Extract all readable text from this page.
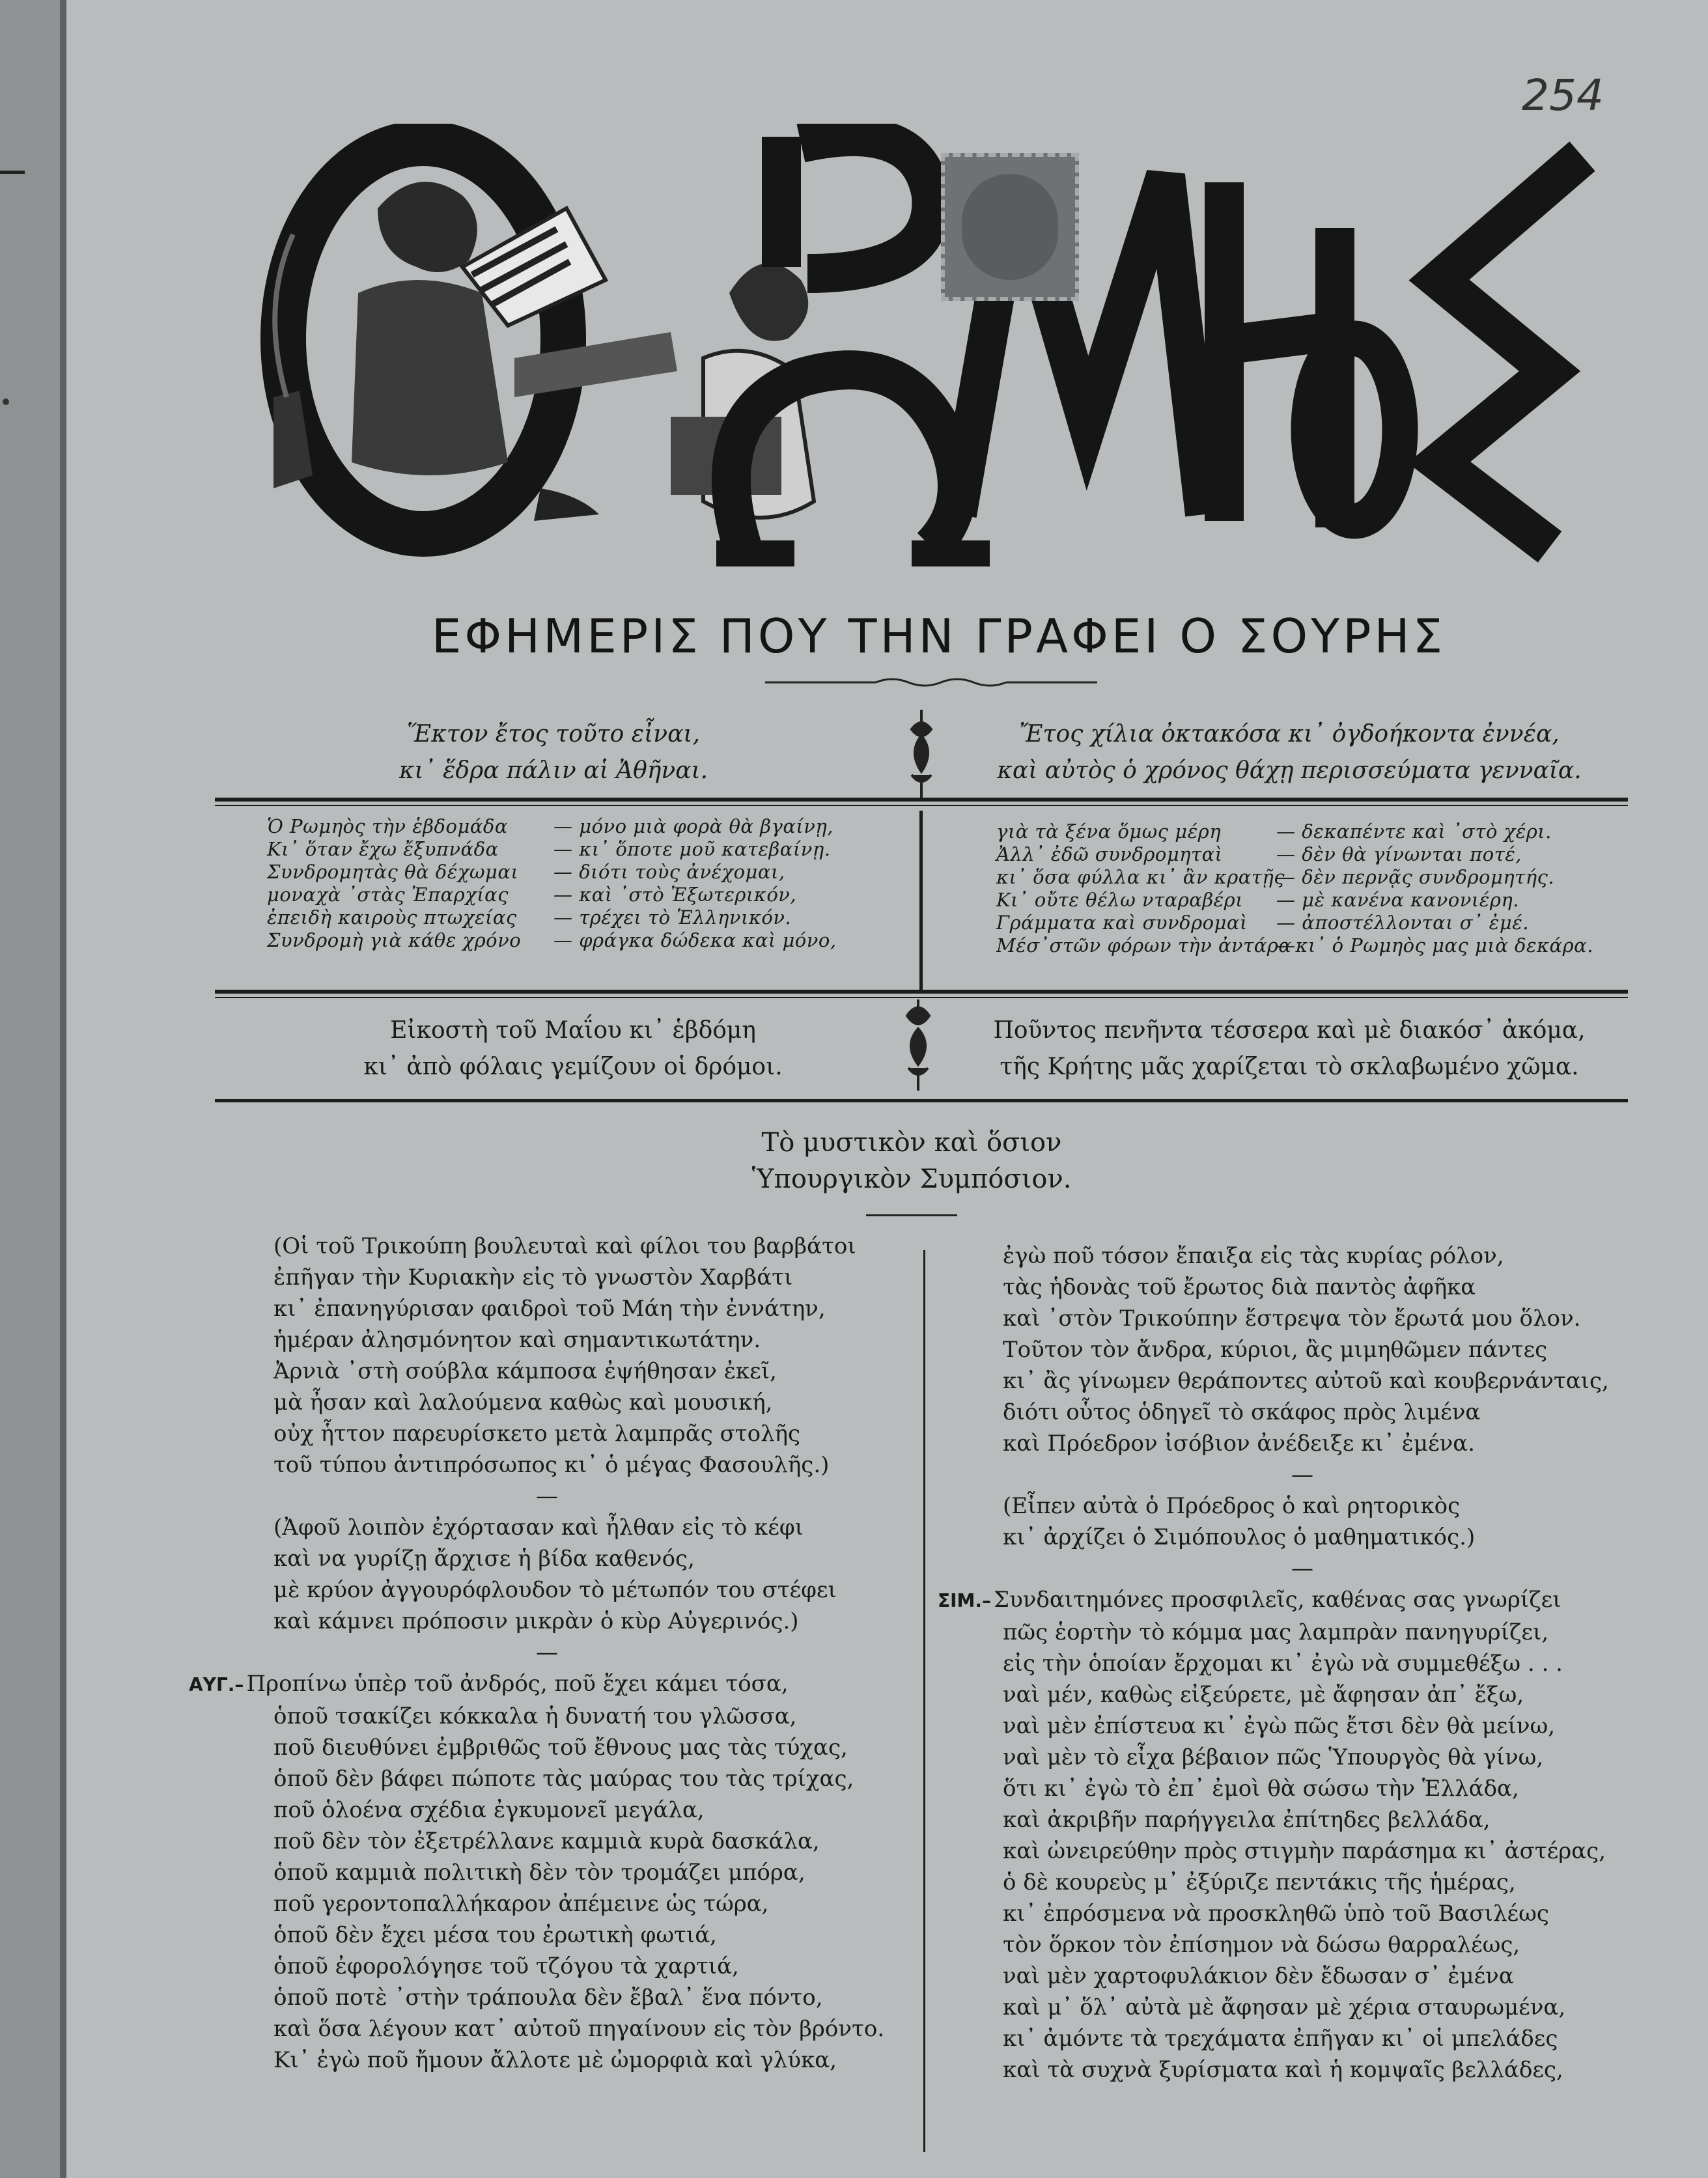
254
ΕΦΗΜΕΡΙΣ ΠΟΥ ΤΗΝ ΓΡΑΦΕΙ Ο ΣΟΥΡΗΣ
Ἕκτον ἔτος τοῦτο εἶναι,
κι᾽ ἕδρα πάλιν αἱ Ἀθῆναι.
Ἔτος χίλια ὀκτακόσα κι᾽ ὀγδοήκοντα ἐννέα,
καὶ αὐτὸς ὁ χρόνος θάχῃ περισσεύματα γενναῖα.
Ὁ Ρωμηὸς τὴν ἑβδομάδα — μόνο μιὰ φορὰ θὰ βγαίνῃ,
Κι᾽ ὅταν ἔχω ἔξυπνάδα	— κι᾽ ὅποτε μοῦ κατεβαίνῃ.
Συνδρομητὰς θὰ δέχωμαι — διότι τοὺς ἀνέχομαι,
μοναχὰ ᾽στὰς Ἐπαρχίας — καὶ ᾽στὸ Ἐξωτερικόν,
ἐπειδὴ καιροὺς πτωχείας — τρέχει τὸ Ἑλληνικόν.
Συνδρομὴ γιὰ κάθε χρόνο — φράγκα δώδεκα καὶ μόνο,
γιὰ τὰ ξένα ὅμως μέρη	— δεκαπέντε καὶ ᾽στὸ χέρι.
Ἀλλ᾽ ἐδῶ συνδρομηταὶ	— δὲν θὰ γίνωνται ποτέ,
κι᾽ ὅσα φύλλα κι᾽ ἂν κρατῇς— δὲν περνᾷς συνδρομητής.
Κι᾽ οὔτε θέλω νταραβέρι — μὲ κανένα κανονιέρη.
Γράμματα καὶ συνδρομαὶ — ἀποστέλλονται σ᾽ ἐμέ.
Μέσ᾽στῶν φόρων τὴν ἀντάρα—κι᾽ ὁ Ρωμηὸς μας μιὰ δεκάρα.
Εἰκοστὴ τοῦ Μαΐου κι᾽ ἑβδόμη
κι᾽ ἀπὸ φόλαις γεμίζουν οἱ δρόμοι.
Ποῦντος πενῆντα τέσσερα καὶ μὲ διακόσ᾽ ἀκόμα,
τῆς Κρήτης μᾶς χαρίζεται τὸ σκλαβωμένο χῶμα.
Τὸ μυστικὸν καὶ ὅσιον
Ὑπουργικὸν Συμπόσιον.
(Οἱ τοῦ Τρικούπη βουλευταὶ καὶ φίλοι του βαρβάτοι
ἐπῆγαν τὴν Κυριακὴν εἰς τὸ γνωστὸν Χαρβάτι
κι᾽ ἐπανηγύρισαν φαιδροὶ τοῦ Μάη τὴν ἐννάτην,
ἡμέραν ἀλησμόνητον καὶ σημαντικωτάτην.
Ἀρνιὰ ᾽στὴ σούβλα κάμποσα ἐψήθησαν ἐκεῖ,
μὰ ἦσαν καὶ λαλούμενα καθὼς καὶ μουσική,
οὐχ ἧττον παρευρίσκετο μετὰ λαμπρᾶς στολῆς
τοῦ τύπου ἀντιπρόσωπος κι᾽ ὁ μέγας Φασουλῆς.)
—
(Ἀφοῦ λοιπὸν ἐχόρτασαν καὶ ἦλθαν εἰς τὸ κέφι
καὶ να γυρίζῃ ἄρχισε ἡ βίδα καθενός,
μὲ κρύον ἀγγουρόφλουδον τὸ μέτωπόν του στέφει
καὶ κάμνει πρόποσιν μικρὰν ὁ κὺρ Αὐγερινός.)
—
ΑΥΓ.– Προπίνω ὑπὲρ τοῦ ἀνδρός, ποῦ ἔχει κάμει τόσα,
ὁποῦ τσακίζει κόκκαλα ἡ δυνατή του γλῶσσα,
ποῦ διευθύνει ἐμβριθῶς τοῦ ἔθνους μας τὰς τύχας,
ὁποῦ δὲν βάφει πώποτε τὰς μαύρας του τὰς τρίχας,
ποῦ ὁλοένα σχέδια ἐγκυμονεῖ μεγάλα,
ποῦ δὲν τὸν ἐξετρέλλανε καμμιὰ κυρὰ δασκάλα,
ὁποῦ καμμιὰ πολιτικὴ δὲν τὸν τρομάζει μπόρα,
ποῦ γεροντοπαλλήκαρον ἀπέμεινε ὡς τώρα,
ὁποῦ δὲν ἔχει μέσα του ἐρωτικὴ φωτιά,
ὁποῦ ἐφορολόγησε τοῦ τζόγου τὰ χαρτιά,
ὁποῦ ποτὲ ᾽στὴν τράπουλα δὲν ἔβαλ᾽ ἕνα πόντο,
καὶ ὅσα λέγουν κατ᾽ αὐτοῦ πηγαίνουν εἰς τὸν βρόντο.
Κι᾽ ἐγὼ ποῦ ἤμουν ἄλλοτε μὲ ὠμορφιὰ καὶ γλύκα,
ἐγὼ ποῦ τόσον ἔπαιξα εἰς τὰς κυρίας ρόλον,
τὰς ἡδονὰς τοῦ ἔρωτος διὰ παντὸς ἀφῆκα
καὶ ᾽στὸν Τρικούπην ἔστρεψα τὸν ἔρωτά μου ὅλον.
Τοῦτον τὸν ἄνδρα, κύριοι, ἂς μιμηθῶμεν πάντες
κι᾽ ἂς γίνωμεν θεράποντες αὐτοῦ καὶ κουβερνάνταις,
διότι οὗτος ὁδηγεῖ τὸ σκάφος πρὸς λιμένα
καὶ Πρόεδρον ἰσόβιον ἀνέδειξε κι᾽ ἐμένα.
—
(Εἶπεν αὐτὰ ὁ Πρόεδρος ὁ καὶ ρητορικὸς
κι᾽ ἀρχίζει ὁ Σιμόπουλος ὁ μαθηματικός.)
—
ΣΙΜ.– Συνδαιτημόνες προσφιλεῖς, καθένας σας γνωρίζει
πῶς ἑορτὴν τὸ κόμμα μας λαμπρὰν πανηγυρίζει,
εἰς τὴν ὁποίαν ἔρχομαι κι᾽ ἐγὼ νὰ συμμεθέξω . . .
ναὶ μέν, καθὼς εἰξεύρετε, μὲ ἄφησαν ἀπ᾽ ἔξω,
ναὶ μὲν ἐπίστευα κι᾽ ἐγὼ πῶς ἔτσι δὲν θὰ μείνω,
ναὶ μὲν τὸ εἶχα βέβαιον πῶς Ὑπουργὸς θὰ γίνω,
ὅτι κι᾽ ἐγὼ τὸ ἐπ᾽ ἐμοὶ θὰ σώσω τὴν Ἑλλάδα,
καὶ ἀκριβῆν παρήγγειλα ἐπίτηδες βελλάδα,
καὶ ὠνειρεύθην πρὸς στιγμὴν παράσημα κι᾽ ἀστέρας,
ὁ δὲ κουρεὺς μ᾽ ἐξύριζε πεντάκις τῆς ἡμέρας,
κι᾽ ἐπρόσμενα νὰ προσκληθῶ ὑπὸ τοῦ Βασιλέως
τὸν ὅρκον τὸν ἐπίσημον νὰ δώσω θαρραλέως,
ναὶ μὲν χαρτοφυλάκιον δὲν ἔδωσαν σ᾽ ἐμένα
καὶ μ᾽ ὅλ᾽ αὐτὰ μὲ ἄφησαν μὲ χέρια σταυρωμένα,
κι᾽ ἀμόντε τὰ τρεχάματα ἐπῆγαν κι᾽ οἱ μπελάδες
καὶ τὰ συχνὰ ξυρίσματα καὶ ἡ κομψαῖς βελλάδες,
